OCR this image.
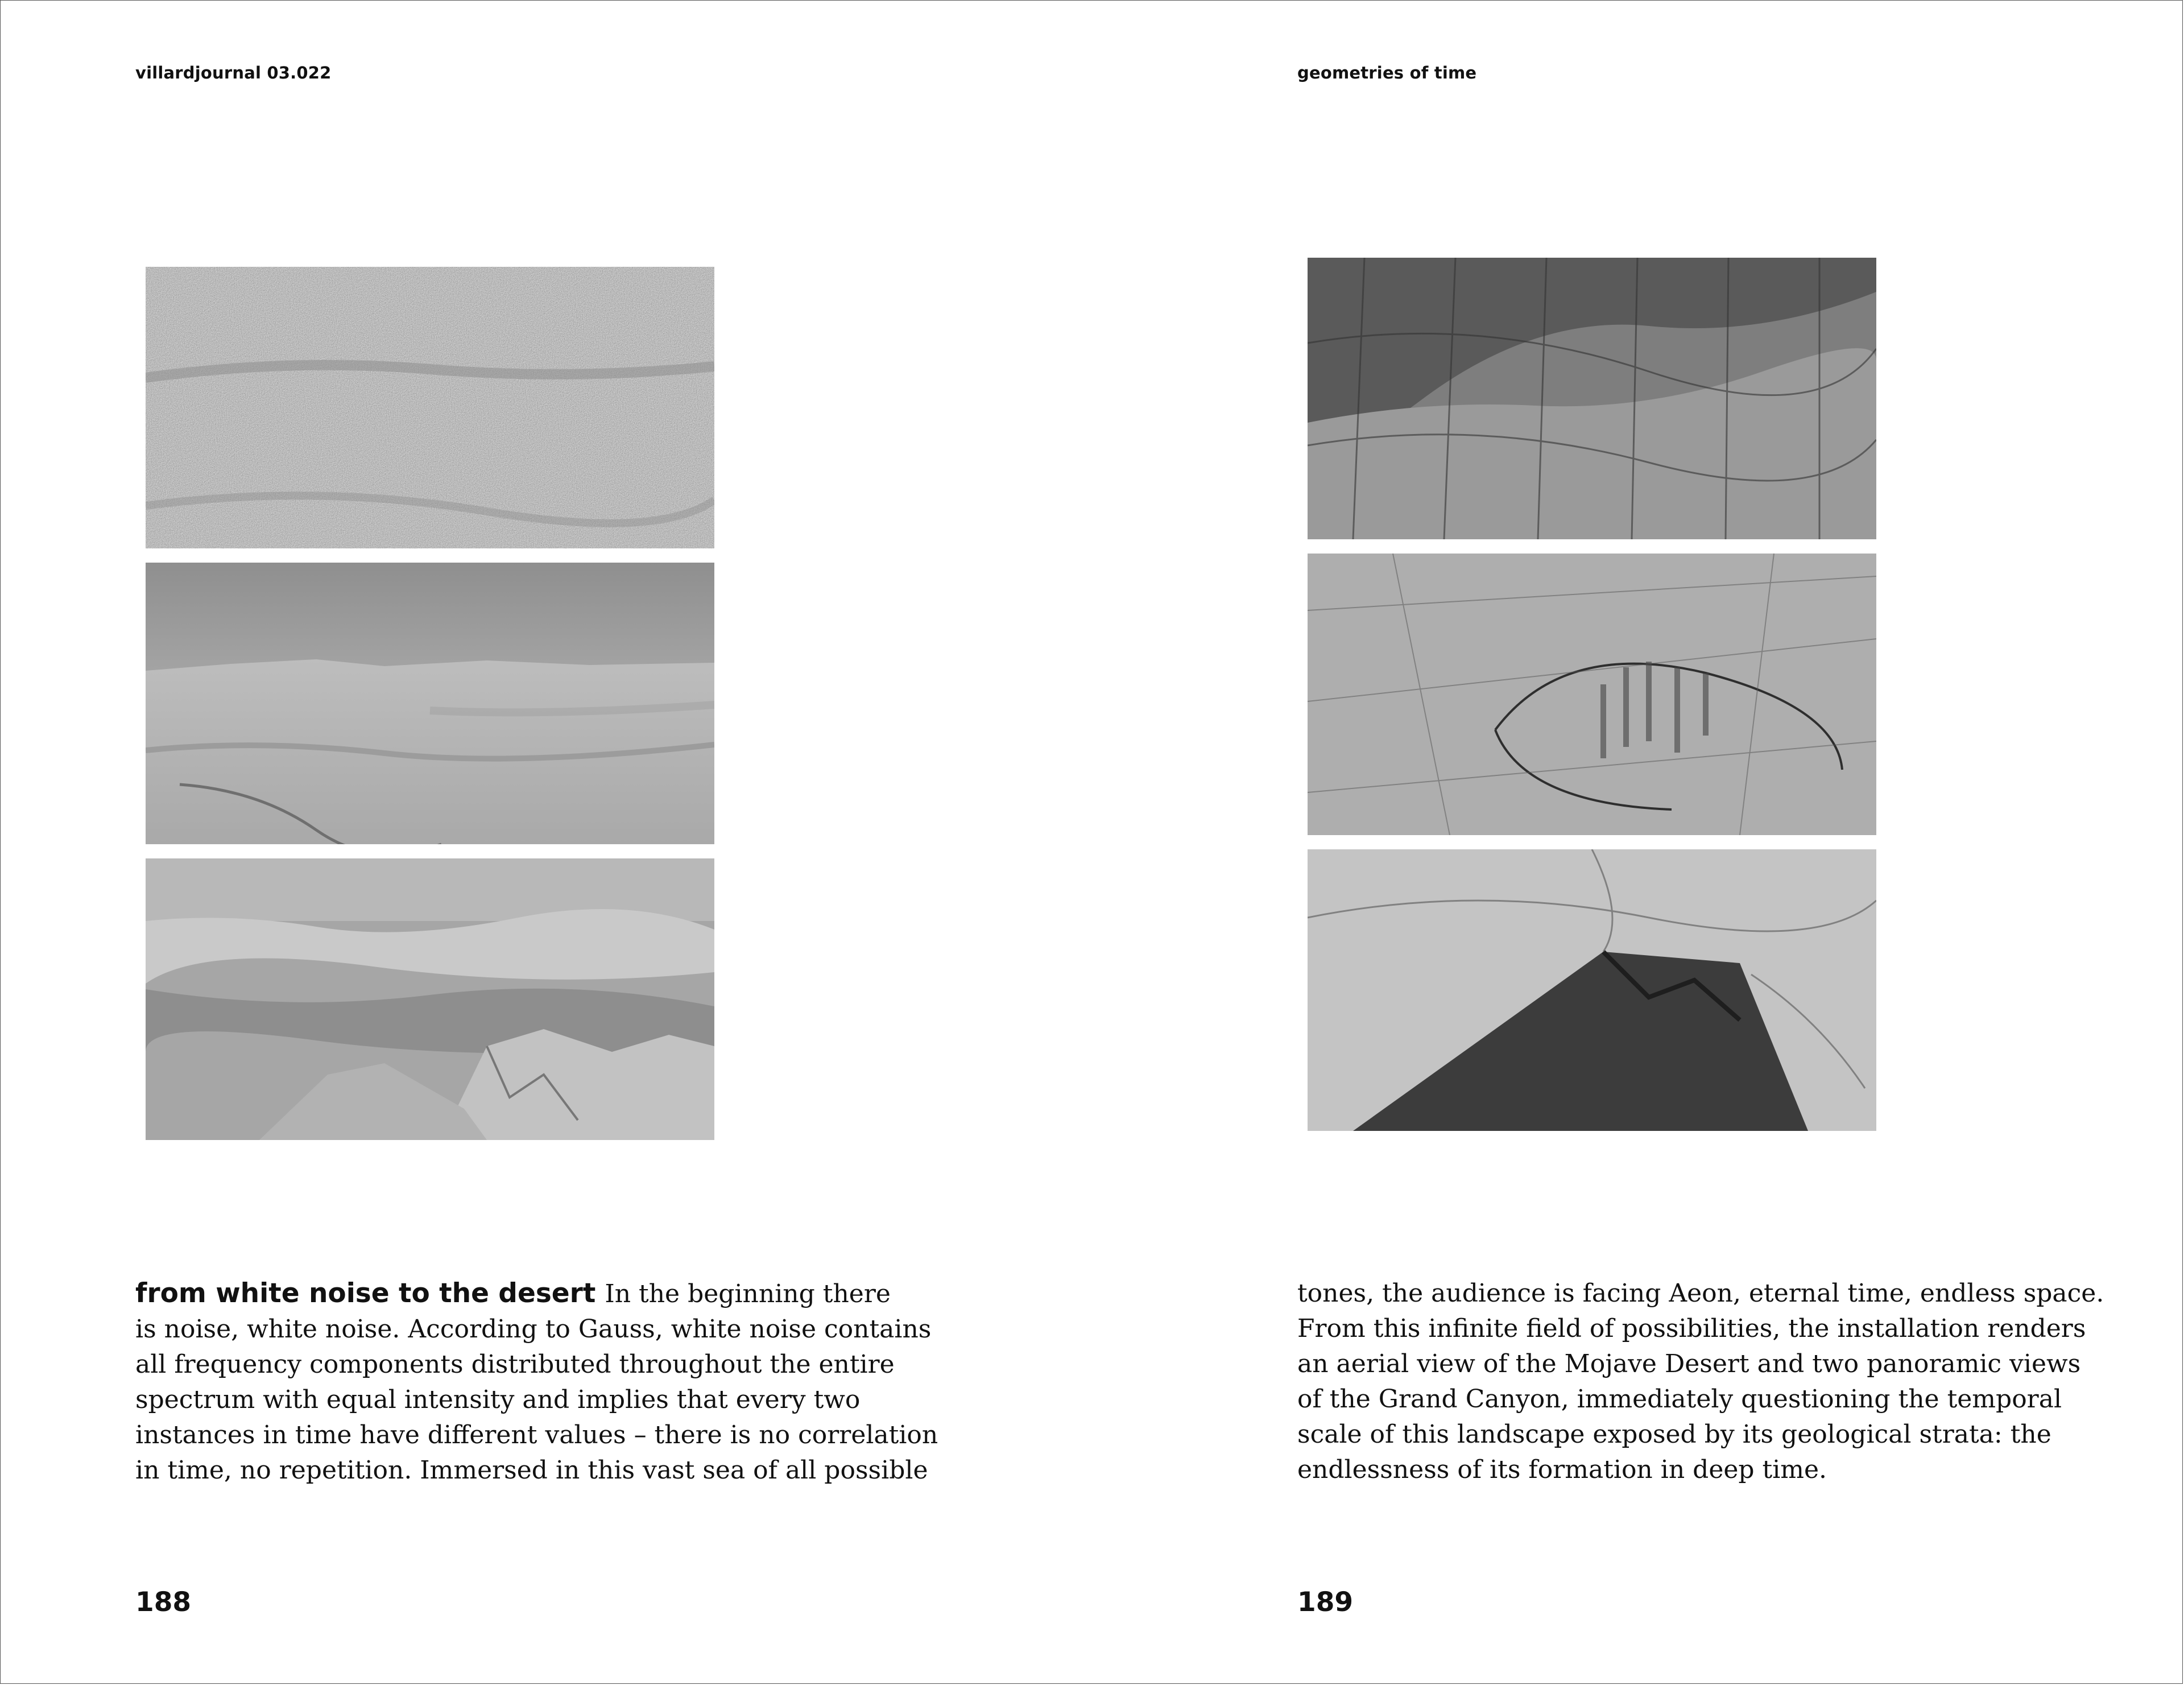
villardjournal 03.022
from white noise to the desert In the beginning there
is noise, white noise. According to Gauss, white noise contains
all frequency components distributed throughout the entire
spectrum with equal intensity and implies that every two
instances in time have different values – there is no correlation
in time, no repetition. Immersed in this vast sea of all possible
188
geometries of time
tones, the audience is facing Aeon, eternal time, endless space.
From this infinite field of possibilities, the installation renders
an aerial view of the Mojave Desert and two panoramic views
of the Grand Canyon, immediately questioning the temporal
scale of this landscape exposed by its geological strata: the
endlessness of its formation in deep time.
189
